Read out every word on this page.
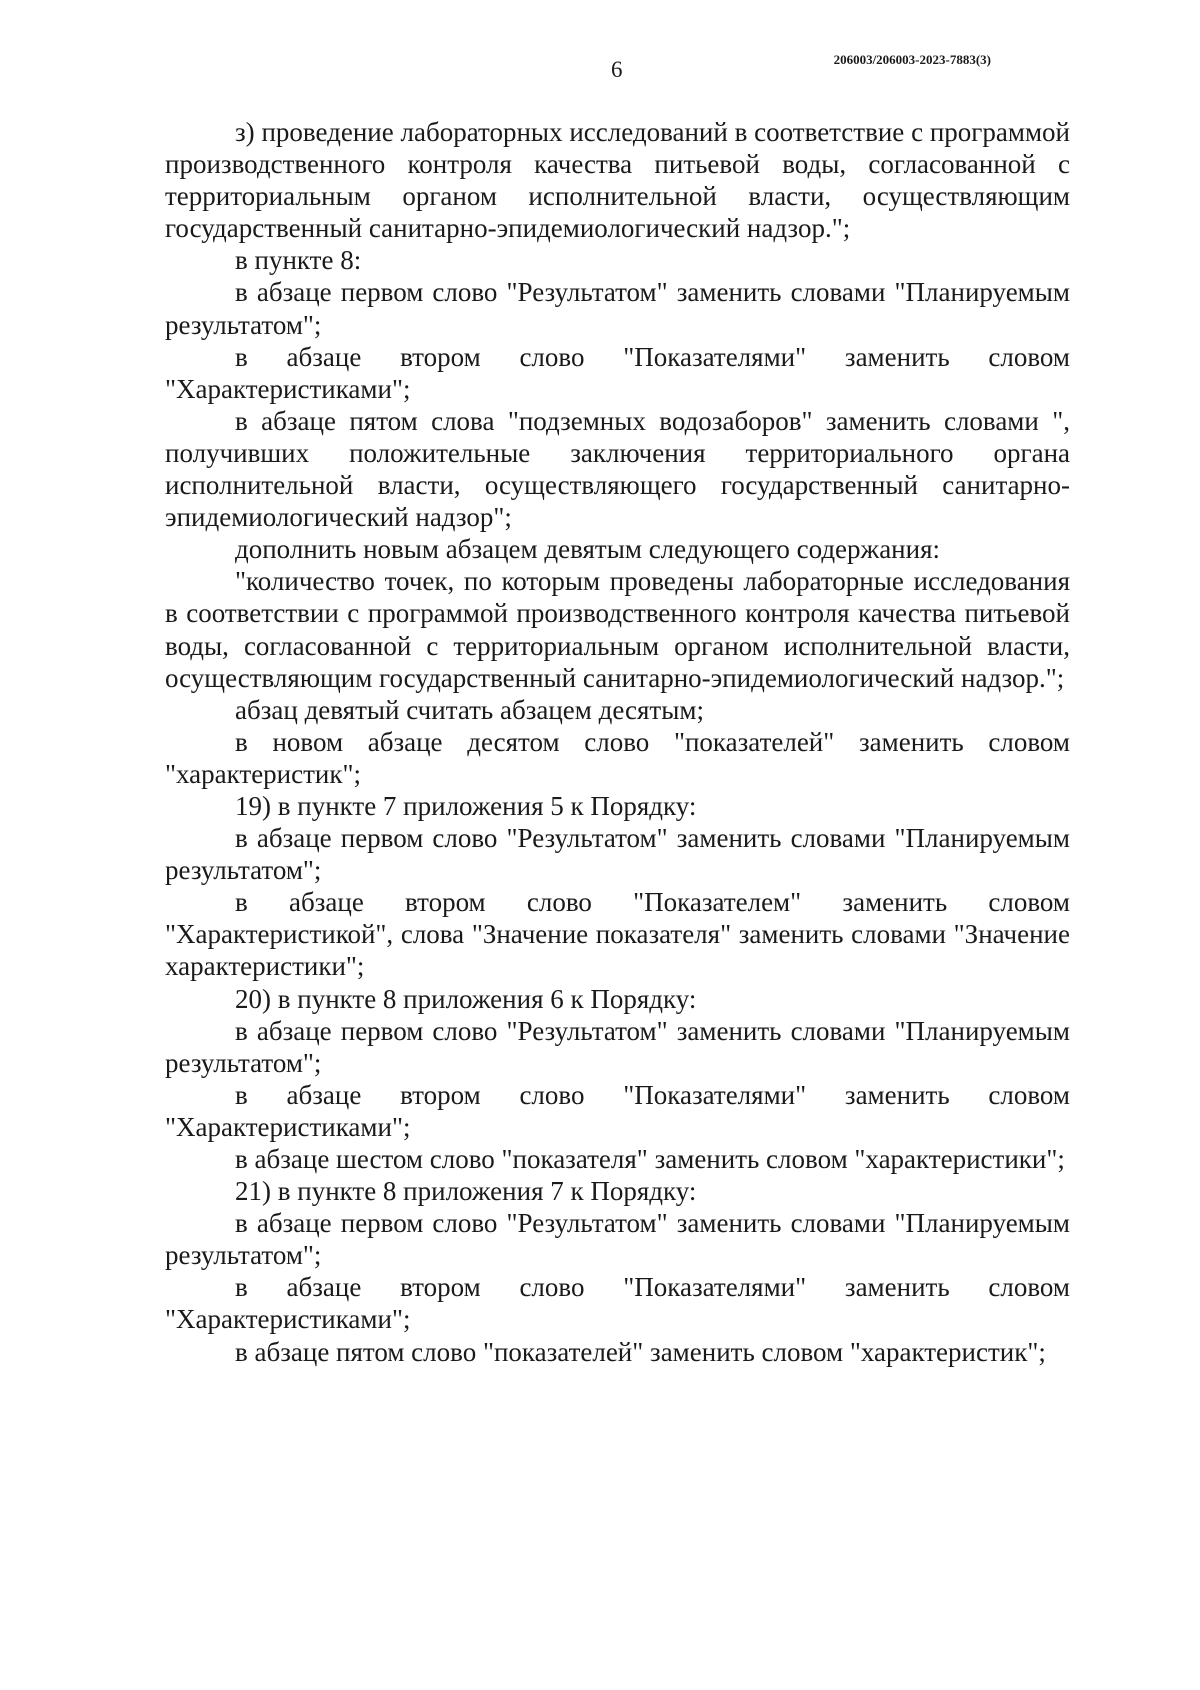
6	206003/206003-2023-7883(3)

з) проведение лабораторных исследований в соответствие с программой производственного контроля качества питьевой воды, согласованной с территориальным органом исполнительной власти, осуществляющим государственный санитарно-эпидемиологический надзор.";

в пункте 8:

в абзаце первом слово "Результатом" заменить словами "Планируемым результатом";

в абзаце втором слово "Показателями" заменить словом "Характеристиками";

в абзаце пятом слова "подземных водозаборов" заменить словами ", получивших положительные заключения территориального органа исполнительной власти, осуществляющего государственный санитарно-эпидемиологический надзор";

дополнить новым абзацем девятым следующего содержания:

"количество точек, по которым проведены лабораторные исследования в соответствии с программой производственного контроля качества питьевой воды, согласованной с территориальным органом исполнительной власти, осуществляющим государственный санитарно-эпидемиологический надзор.";

абзац девятый считать абзацем десятым;

в новом абзаце десятом слово "показателей" заменить словом "характеристик";

19) в пункте 7 приложения 5 к Порядку:

в абзаце первом слово "Результатом" заменить словами "Планируемым результатом";

в абзаце втором слово "Показателем" заменить словом "Характеристикой", слова "Значение показателя" заменить словами "Значение характеристики";

20) в пункте 8 приложения 6 к Порядку:

в абзаце первом слово "Результатом" заменить словами "Планируемым результатом";

в абзаце втором слово "Показателями" заменить словом "Характеристиками";

в абзаце шестом слово "показателя" заменить словом "характеристики";

21) в пункте 8 приложения 7 к Порядку:

в абзаце первом слово "Результатом" заменить словами "Планируемым результатом";

в абзаце втором слово "Показателями" заменить словом "Характеристиками";

в абзаце пятом слово "показателей" заменить словом "характеристик";
